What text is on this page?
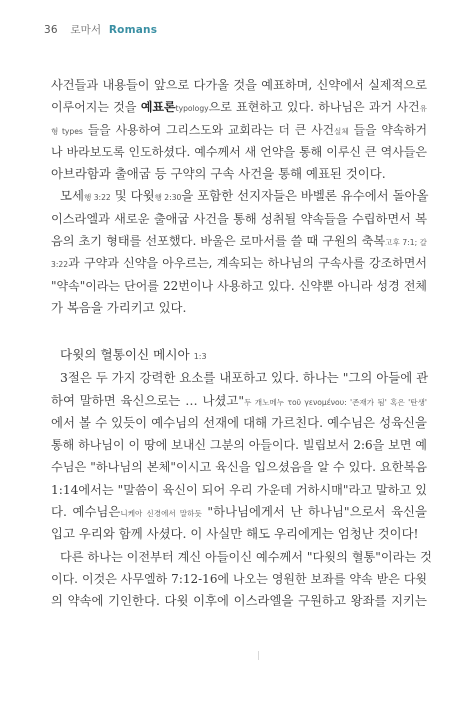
36 로마서 Romans
사건들과 내용들이 앞으로 다가올 것을 예표하며, 신약에서 실제적으로
이루어지는 것을 예표론typology으로 표현하고 있다. 하나님은 과거 사건유
형 types 들을 사용하여 그리스도와 교회라는 더 큰 사건실체 들을 약속하거
나 바라보도록 인도하셨다. 예수께서 새 언약을 통해 이루신 큰 역사들은
아브라함과 출애굽 등 구약의 구속 사건을 통해 예표된 것이다.
모세행 3:22 및 다윗행 2:30을 포함한 선지자들은 바벨론 유수에서 돌아올
이스라엘과 새로운 출애굽 사건을 통해 성취될 약속들을 수립하면서 복
음의 초기 형태를 선포했다. 바울은 로마서를 쓸 때 구원의 축복고후 7:1; 갈
3:22과 구약과 신약을 아우르는, 계속되는 하나님의 구속사를 강조하면서
"약속"이라는 단어를 22번이나 사용하고 있다. 신약뿐 아니라 성경 전체
가 복음을 가리키고 있다.
다윗의 혈통이신 메시아 1:3
3절은 두 가지 강력한 요소를 내포하고 있다. 하나는 "그의 아들에 관
하여 말하면 육신으로는 … 나셨고"두 개노메누 τοῦ γενομένου: '존재가 됨' 혹은 '탄생'
에서 볼 수 있듯이 예수님의 선재에 대해 가르친다. 예수님은 성육신을
통해 하나님이 이 땅에 보내신 그분의 아들이다. 빌립보서 2:6을 보면 예
수님은 "하나님의 본체"이시고 육신을 입으셨음을 알 수 있다. 요한복음
1:14에서는 "말씀이 육신이 되어 우리 가운데 거하시매"라고 말하고 있
다. 예수님은니케아 신경에서 말하듯 "하나님에게서 난 하나님"으로서 육신을
입고 우리와 함께 사셨다. 이 사실만 해도 우리에게는 엄청난 것이다!
다른 하나는 이전부터 계신 아들이신 예수께서 "다윗의 혈통"이라는 것
이다. 이것은 사무엘하 7:12-16에 나오는 영원한 보좌를 약속 받은 다윗
의 약속에 기인한다. 다윗 이후에 이스라엘을 구원하고 왕좌를 지키는
